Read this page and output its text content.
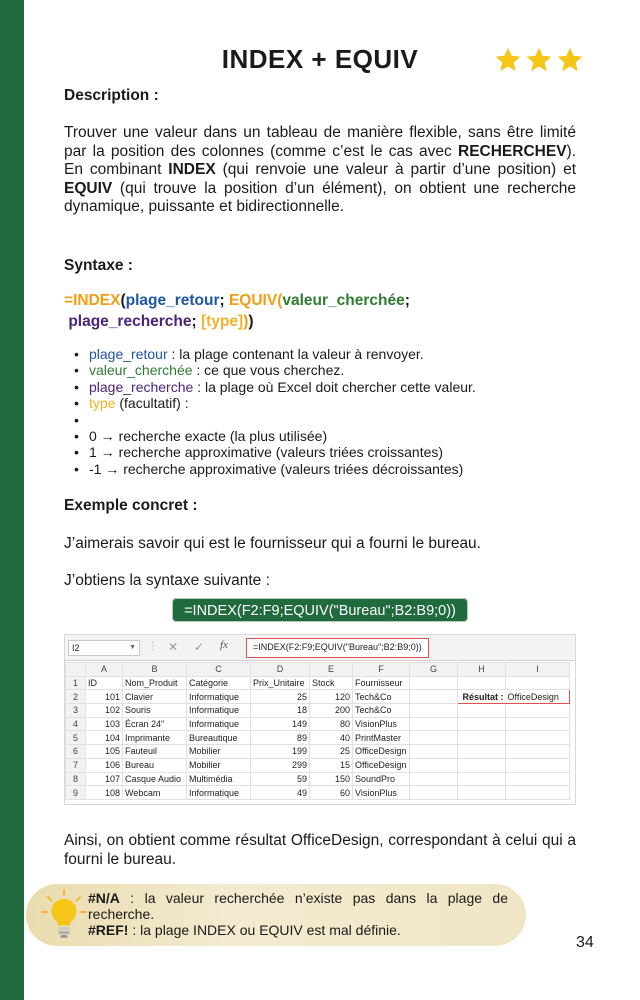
INDEX + EQUIV
Description :
Trouver une valeur dans un tableau de manière flexible, sans être limité par la position des colonnes (comme c’est le cas avec RECHERCHEV). En combinant INDEX (qui renvoie une valeur à partir d’une position) et EQUIV (qui trouve la position d’un élément), on obtient une recherche dynamique, puissante et bidirectionnelle.
Syntaxe :
=INDEX(plage_retour; EQUIV(valeur_cherchée;
plage_recherche; [type]))
• plage_retour : la plage contenant la valeur à renvoyer.
• valeur_cherchée : ce que vous cherchez.
• plage_recherche : la plage où Excel doit chercher cette valeur.
• type (facultatif) :
•
• 0 → recherche exacte (la plus utilisée)
• 1 → recherche approximative (valeurs triées croissantes)
• -1 → recherche approximative (valeurs triées décroissantes)
Exemple concret :
J’aimerais savoir qui est le fournisseur qui a fourni le bureau.
J’obtiens la syntaxe suivante :
=INDEX(F2:F9;EQUIV("Bureau";B2:B9;0))
I2	▼ ⋮ ✕ ✓ fx	=INDEX(F2:F9;EQUIV("Bureau";B2:B9;0))
	A	B	C	D	E	F	G	H	I
1	ID	Nom_Produit	Catégorie	Prix_Unitaire	Stock	Fournisseur			
2	101	Clavier	Informatique	25	120	Tech&Co		Résultat :	OfficeDesign
3	102	Souris	Informatique	18	200	Tech&Co			
4	103	Écran 24"	Informatique	149	80	VisionPlus			
5	104	Imprimante	Bureautique	89	40	PrintMaster			
6	105	Fauteuil	Mobilier	199	25	OfficeDesign			
7	106	Bureau	Mobilier	299	15	OfficeDesign			
8	107	Casque Audio	Multimédia	59	150	SoundPro			
9	108	Webcam	Informatique	49	60	VisionPlus			
Ainsi, on obtient comme résultat OfficeDesign, correspondant à celui qui a fourni le bureau.
#N/A : la valeur recherchée n’existe pas dans la plage de recherche.
#REF! : la plage INDEX ou EQUIV est mal définie.
34
